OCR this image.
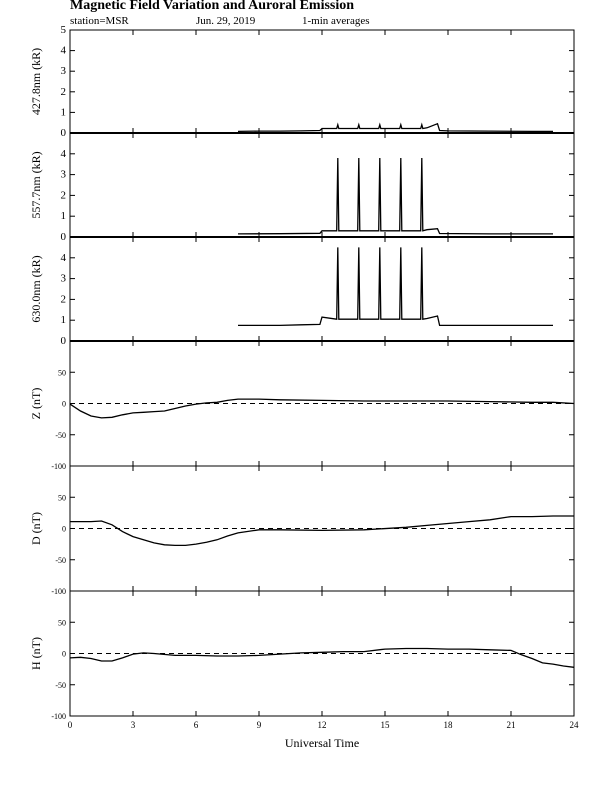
Magnetic Field Variation and Auroral Emission
station=MSR	Jun. 29, 2019	1-min averages
0
1
2
3
4
5
427.8nm (kR)
0
1
2
3
4
557.7nm (kR)
0
1
2
3
4
630.0nm (kR)
-100
-50
0
50
Z (nT)
-100
-50
0
50
D (nT)
-100
-50
0
50
H (nT)
0	3	6	9	12	15	18	21	24
Universal Time
